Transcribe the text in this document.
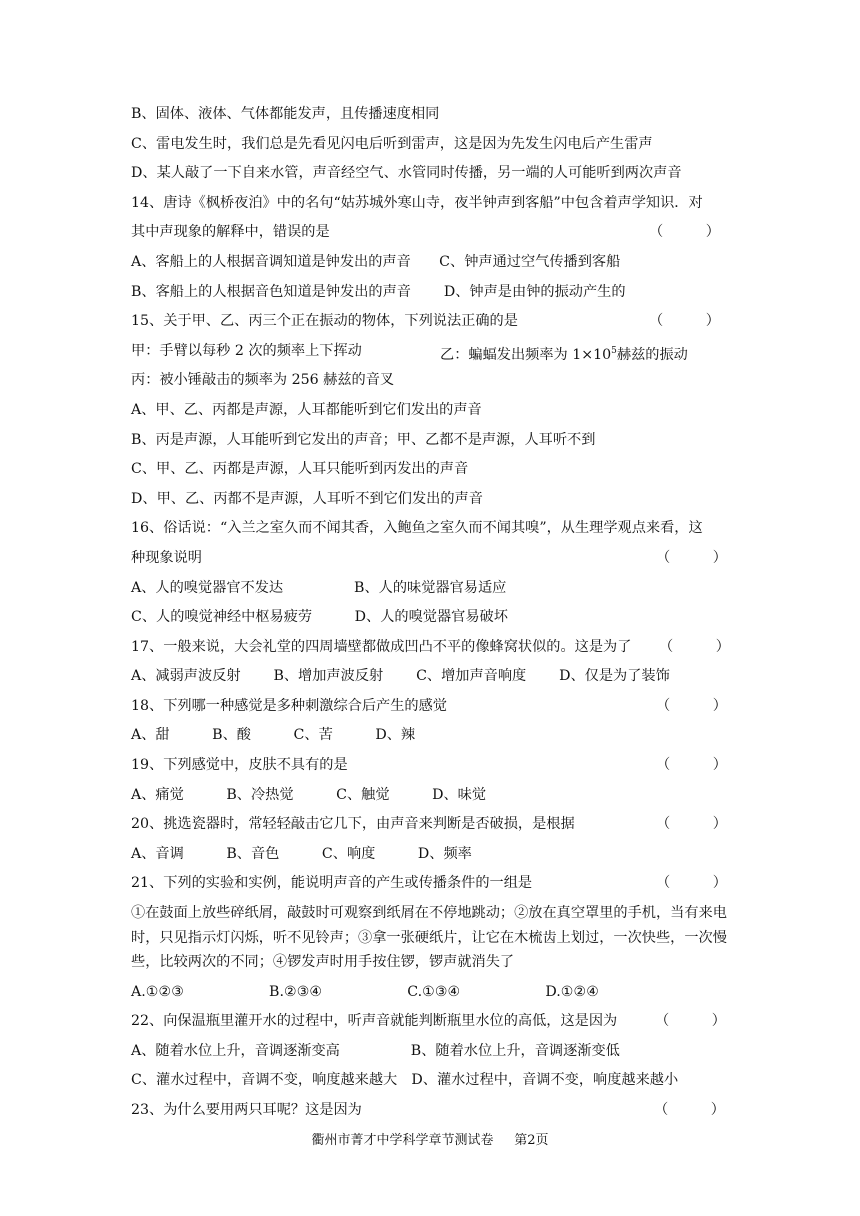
B、固体、液体、气体都能发声，且传播速度相同
C、雷电发生时，我们总是先看见闪电后听到雷声，这是因为先发生闪电后产生雷声
D、某人敲了一下自来水管，声音经空气、水管同时传播，另一端的人可能听到两次声音
14、唐诗《枫桥夜泊》中的名句“姑苏城外寒山寺，夜半钟声到客船”中包含着声学知识．对
其中声现象的解释中，错误的是	（　　　）
A、客船上的人根据音调知道是钟发出的声音　　C、钟声通过空气传播到客船
B、客船上的人根据音色知道是钟发出的声音　　 D、钟声是由钟的振动产生的
15、关于甲、乙、丙三个正在振动的物体，下列说法正确的是	（　　　）
甲：手臂以每秒 2 次的频率上下挥动	乙：蝙蝠发出频率为 $1\times 10^5$赫兹的振动
丙：被小锤敲击的频率为 256 赫兹的音叉
A、甲、乙、丙都是声源，人耳都能听到它们发出的声音
B、丙是声源，人耳能听到它发出的声音；甲、乙都不是声源，人耳听不到
C、甲、乙、丙都是声源，人耳只能听到丙发出的声音
D、甲、乙、丙都不是声源，人耳听不到它们发出的声音
16、俗话说：“入兰之室久而不闻其香，入鲍鱼之室久而不闻其嗅”，从生理学观点来看，这
种现象说明	（　　　）
A、人的嗅觉器官不发达　　　　　B、人的味觉器官易适应
C、人的嗅觉神经中枢易疲劳　　　D、人的嗅觉器官易破坏
17、一般来说，大会礼堂的四周墙壁都做成凹凸不平的像蜂窝状似的。这是为了 （　　　）
A、减弱声波反射　　 B、增加声波反射　　 C、增加声音响度　　 D、仅是为了装饰
18、下列哪一种感觉是多种刺激综合后产生的感觉	（　　　）
A、甜　　　B、酸　　　C、苦　　　D、辣
19、下列感觉中，皮肤不具有的是	（　　　）
A、痛觉　　　B、冷热觉　　　C、触觉　　　D、味觉
20、挑选瓷器时，常轻轻敲击它几下，由声音来判断是否破损，是根据	（　　　）
A、音调　　　B、音色　　　C、响度　　　D、频率
21、下列的实验和实例，能说明声音的产生或传播条件的一组是	（　　　）
①在鼓面上放些碎纸屑，敲鼓时可观察到纸屑在不停地跳动；②放在真空罩里的手机，当有来电时，只见指示灯闪烁，听不见铃声；③拿一张硬纸片，让它在木梳齿上划过，一次快些，一次慢些，比较两次的不同；④锣发声时用手按住锣，锣声就消失了
A.①②③　　　　　　B.②③④　　　　　　C.①③④　　　　　　D.①②④
22、向保温瓶里灌开水的过程中，听声音就能判断瓶里水位的高低，这是因为	（　　　）
A、随着水位上升，音调逐渐变高　　　　　B、随着水位上升，音调逐渐变低
C、灌水过程中，音调不变，响度越来越大　D、灌水过程中，音调不变，响度越来越小
23、为什么要用两只耳呢？这是因为	（　　　）
衢州市菁才中学科学章节测试卷 第2页
